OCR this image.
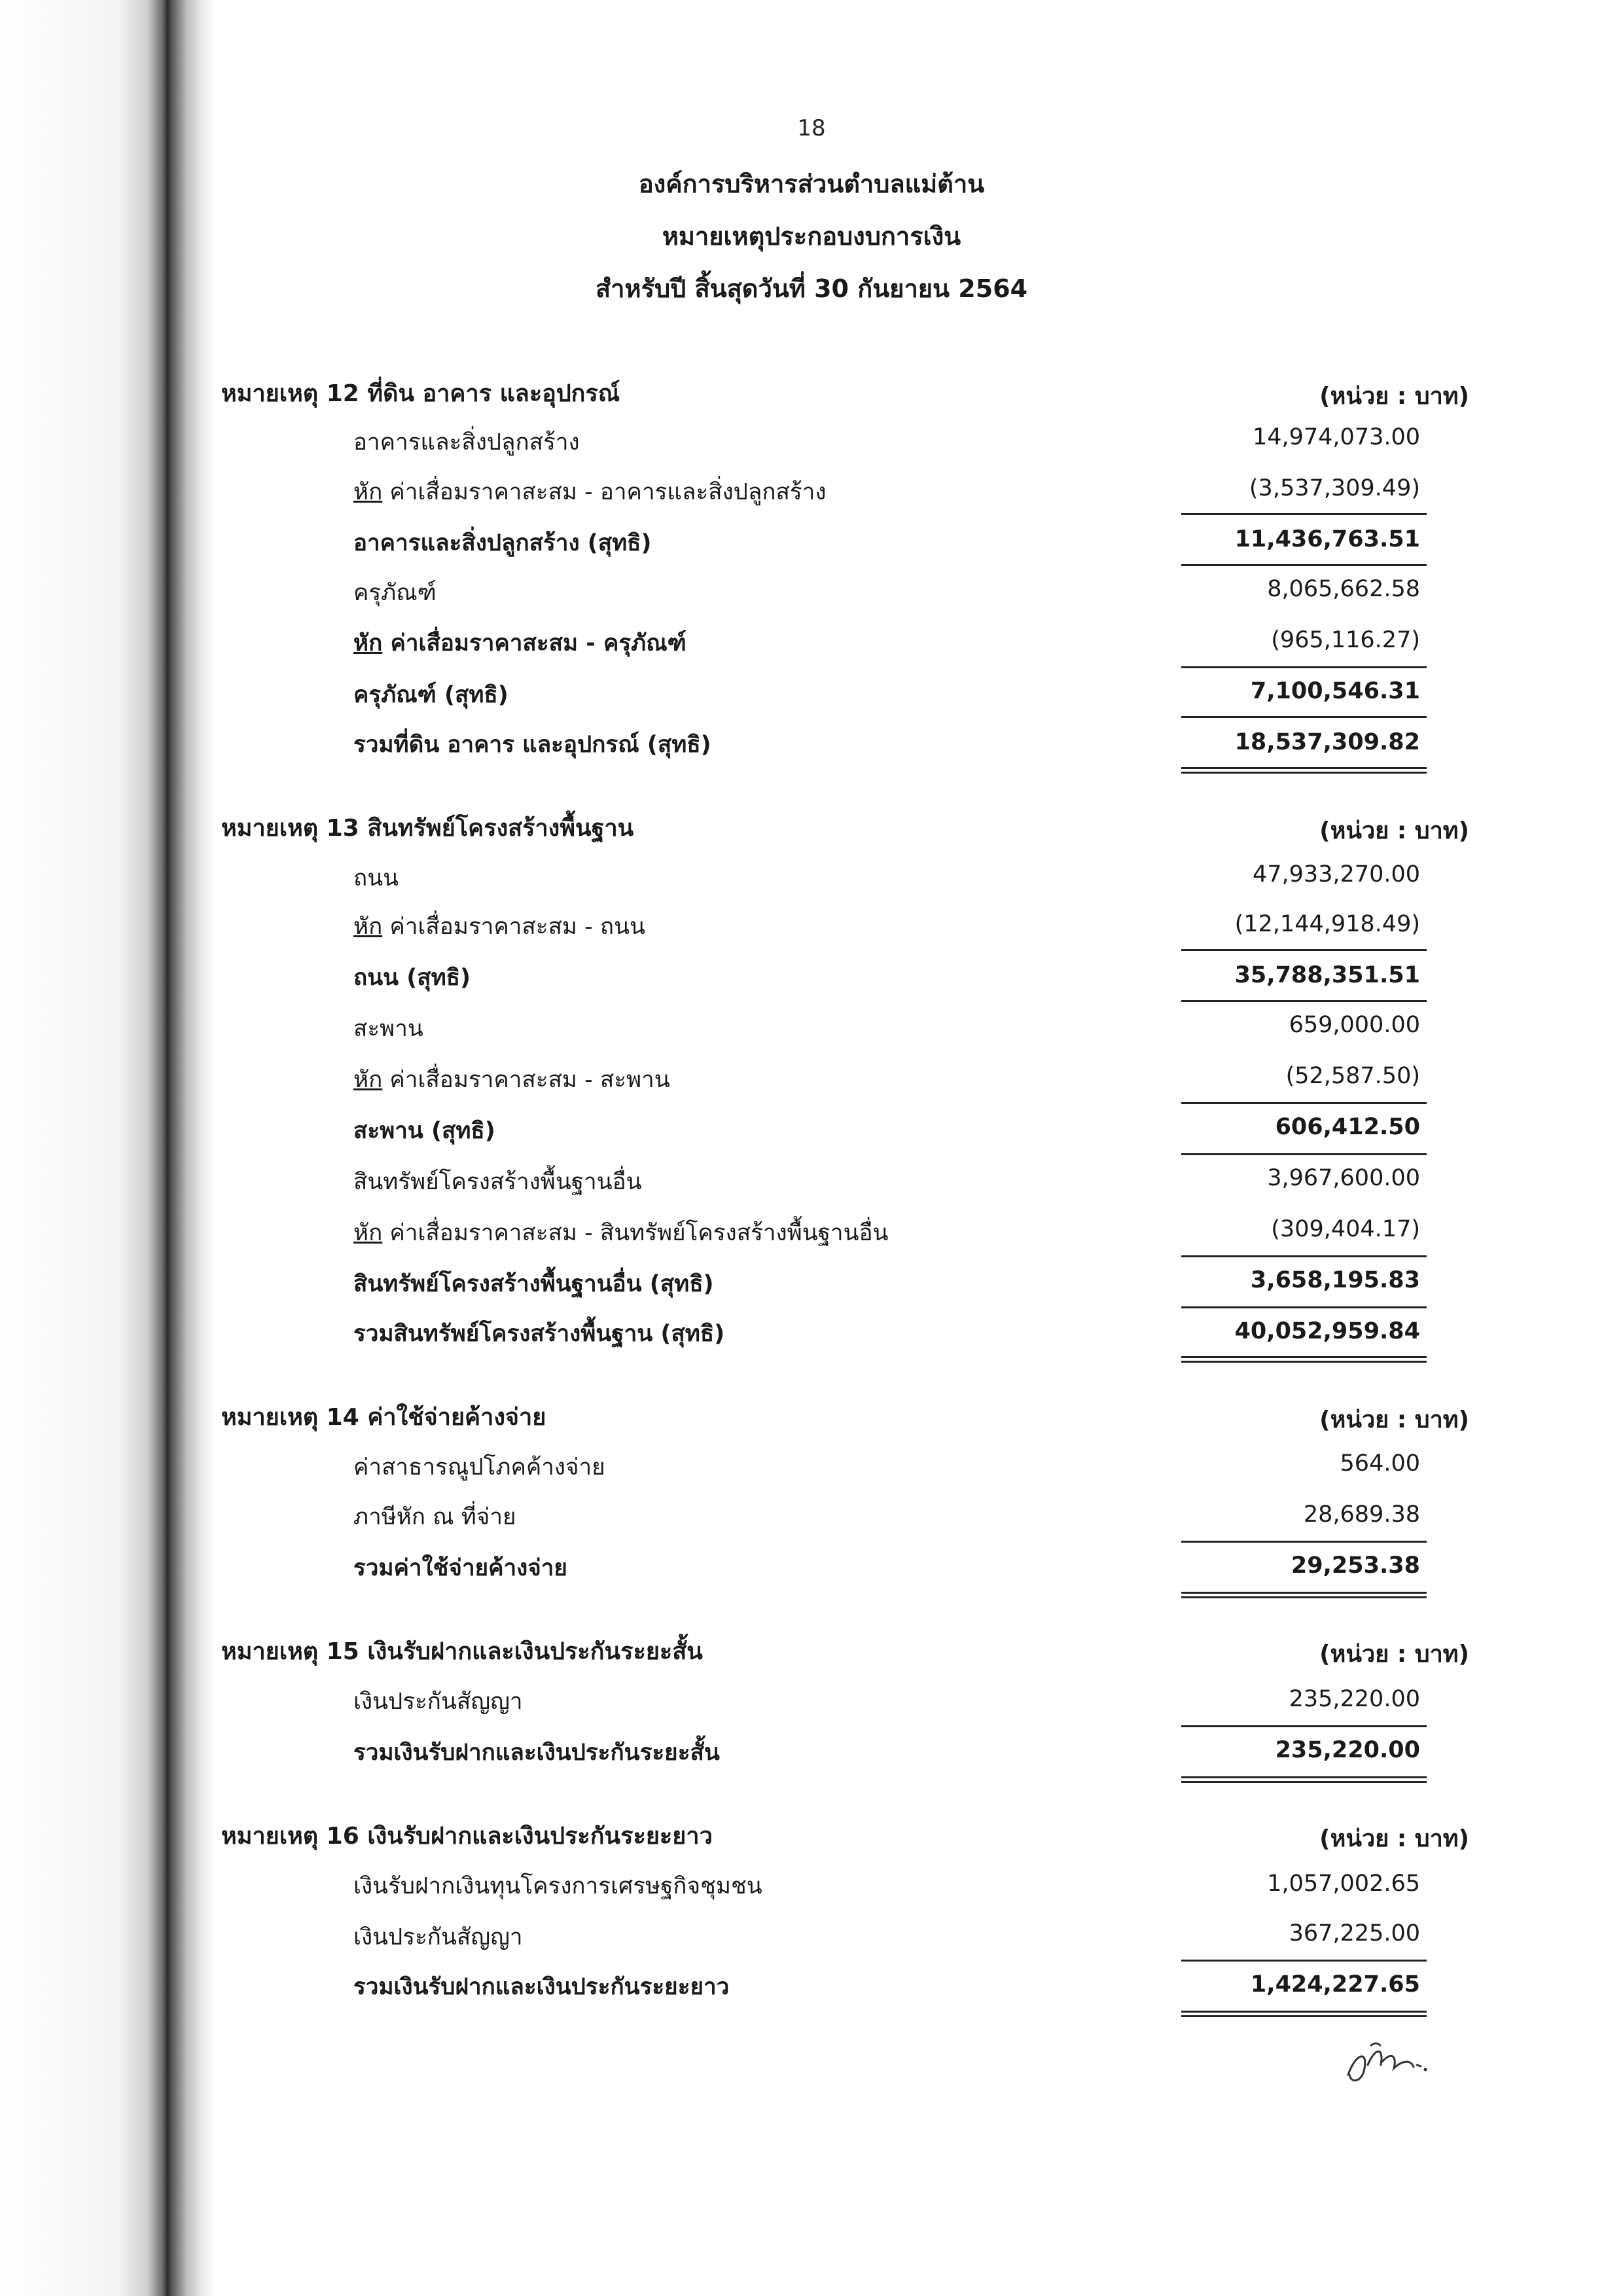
18
องค์การบริหารส่วนตำบลแม่ต้าน
หมายเหตุประกอบงบการเงิน
สำหรับปี สิ้นสุดวันที่ 30 กันยายน 2564
หมายเหตุ 12 ที่ดิน อาคาร และอุปกรณ์	(หน่วย : บาท)
อาคารและสิ่งปลูกสร้าง	14,974,073.00
หัก ค่าเสื่อมราคาสะสม - อาคารและสิ่งปลูกสร้าง	(3,537,309.49)
อาคารและสิ่งปลูกสร้าง (สุทธิ)	11,436,763.51
ครุภัณฑ์	8,065,662.58
หัก ค่าเสื่อมราคาสะสม - ครุภัณฑ์	(965,116.27)
ครุภัณฑ์ (สุทธิ)	7,100,546.31
รวมที่ดิน อาคาร และอุปกรณ์ (สุทธิ)	18,537,309.82
หมายเหตุ 13 สินทรัพย์โครงสร้างพื้นฐาน	(หน่วย : บาท)
ถนน	47,933,270.00
หัก ค่าเสื่อมราคาสะสม - ถนน	(12,144,918.49)
ถนน (สุทธิ)	35,788,351.51
สะพาน	659,000.00
หัก ค่าเสื่อมราคาสะสม - สะพาน	(52,587.50)
สะพาน (สุทธิ)	606,412.50
สินทรัพย์โครงสร้างพื้นฐานอื่น	3,967,600.00
หัก ค่าเสื่อมราคาสะสม - สินทรัพย์โครงสร้างพื้นฐานอื่น	(309,404.17)
สินทรัพย์โครงสร้างพื้นฐานอื่น (สุทธิ)	3,658,195.83
รวมสินทรัพย์โครงสร้างพื้นฐาน (สุทธิ)	40,052,959.84
หมายเหตุ 14 ค่าใช้จ่ายค้างจ่าย	(หน่วย : บาท)
ค่าสาธารณูปโภคค้างจ่าย	564.00
ภาษีหัก ณ ที่จ่าย	28,689.38
รวมค่าใช้จ่ายค้างจ่าย	29,253.38
หมายเหตุ 15 เงินรับฝากและเงินประกันระยะสั้น	(หน่วย : บาท)
เงินประกันสัญญา	235,220.00
รวมเงินรับฝากและเงินประกันระยะสั้น	235,220.00
หมายเหตุ 16 เงินรับฝากและเงินประกันระยะยาว	(หน่วย : บาท)
เงินรับฝากเงินทุนโครงการเศรษฐกิจชุมชน	1,057,002.65
เงินประกันสัญญา	367,225.00
รวมเงินรับฝากและเงินประกันระยะยาว	1,424,227.65
